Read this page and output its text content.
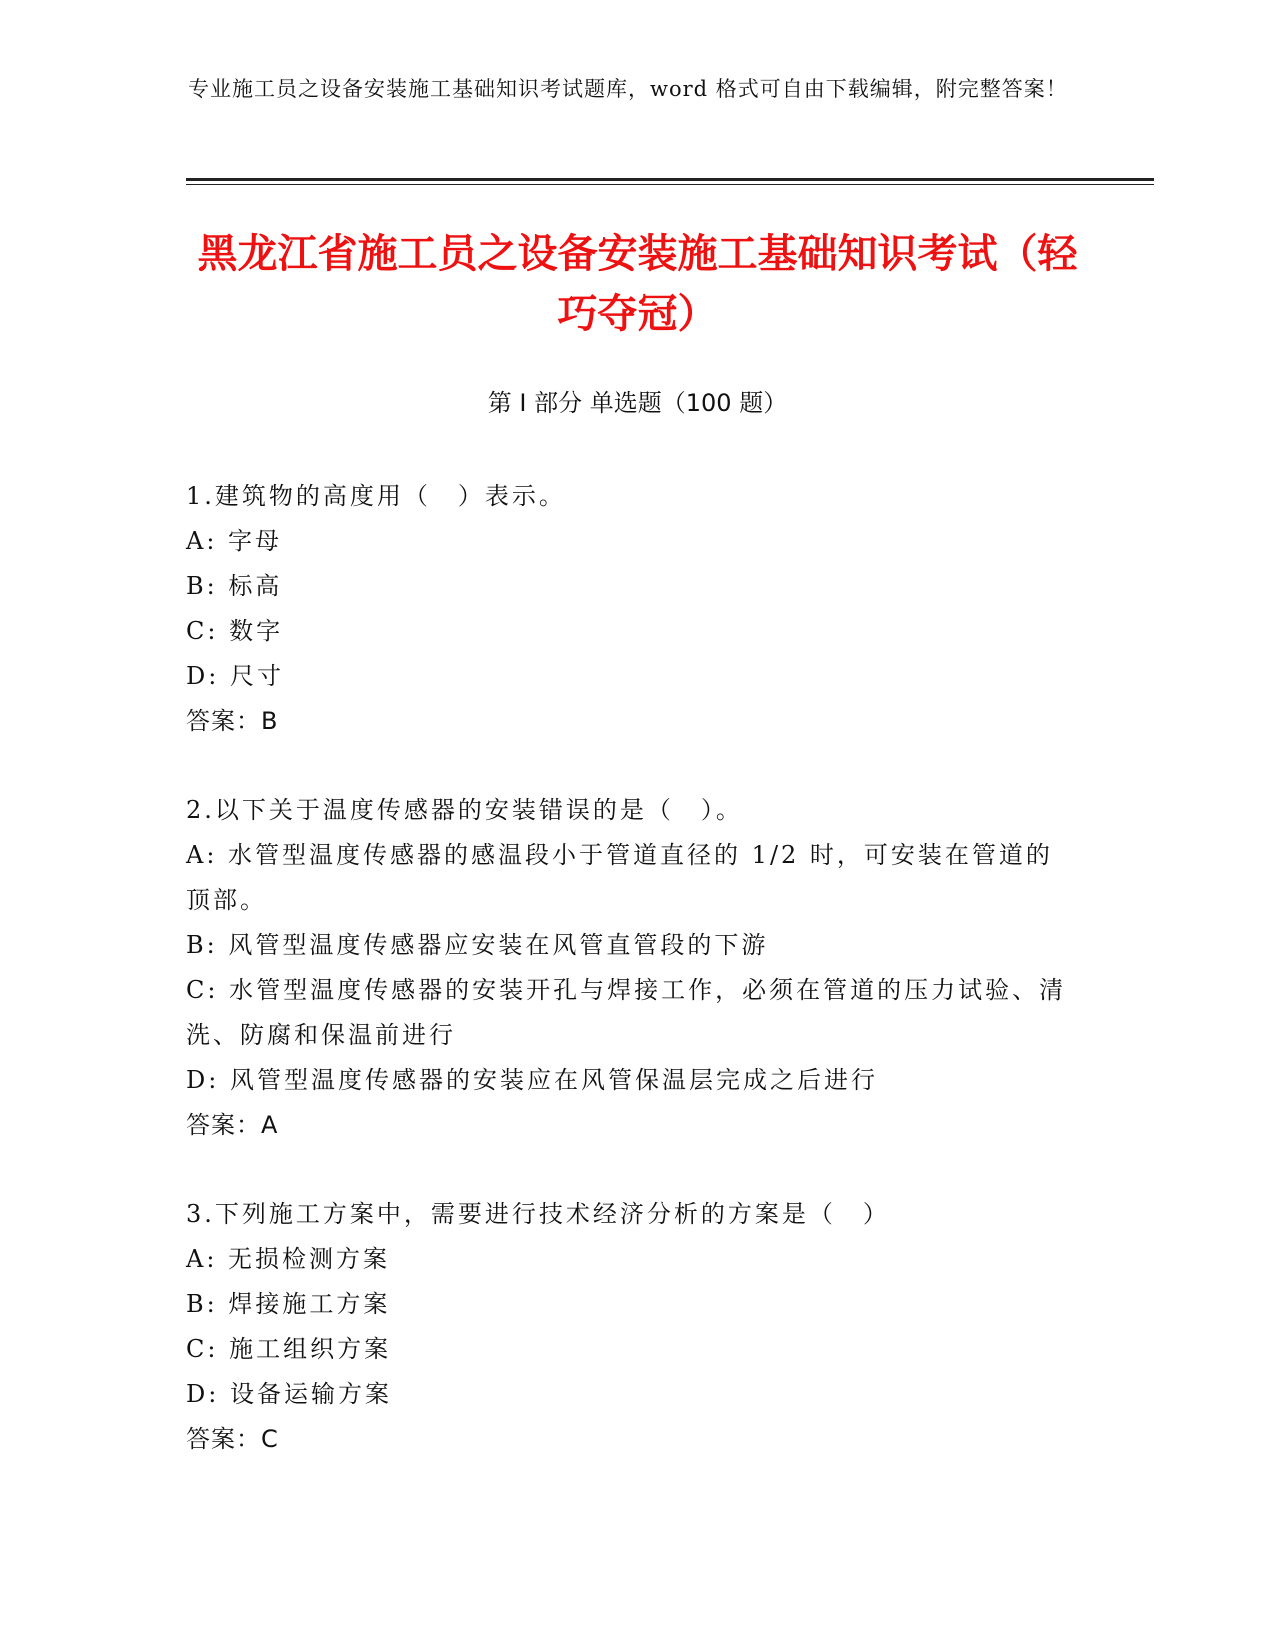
专业施工员之设备安装施工基础知识考试题库，word 格式可自由下载编辑，附完整答案！
黑龙江省施工员之设备安装施工基础知识考试（轻巧夺冠）
第 I 部分 单选题（100 题）

1.建筑物的高度用（　）表示。

A: 字母

B: 标高

C: 数字

D: 尺寸

答案：B

2.以下关于温度传感器的安装错误的是（　）。

A: 水管型温度传感器的感温段小于管道直径的 1/2 时，可安装在管道的顶部。

B: 风管型温度传感器应安装在风管直管段的下游

C: 水管型温度传感器的安装开孔与焊接工作，必须在管道的压力试验、清洗、防腐和保温前进行

D: 风管型温度传感器的安装应在风管保温层完成之后进行

答案：A

3.下列施工方案中，需要进行技术经济分析的方案是（　）

A: 无损检测方案

B: 焊接施工方案

C: 施工组织方案

D: 设备运输方案

答案：C
